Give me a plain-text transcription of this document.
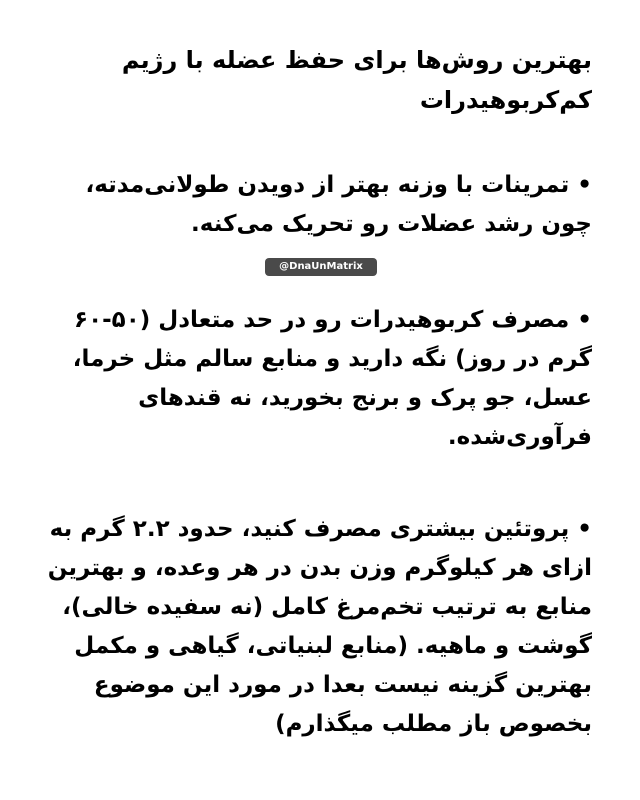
بهترین روش‌ها برای حفظ عضله با رژیم کم‌کربوهیدرات

• تمرینات با وزنه بهتر از دویدن طولانی‌مدته، چون رشد عضلات رو تحریک می‌کنه.

@DnaUnMatrix

• مصرف کربوهیدرات رو در حد متعادل (۵۰-۶۰ گرم در روز) نگه دارید و منابع سالم مثل خرما، عسل، جو پرک و برنج بخورید، نه قندهای فرآوری‌شده.

• پروتئین بیشتری مصرف کنید، حدود ۲.۲ گرم به ازای هر کیلوگرم وزن بدن در هر وعده، و بهترین منابع به ترتیب تخم‌مرغ کامل (نه سفیده خالی)، گوشت و ماهیه. (منابع لبنیاتی، گیاهی و مکمل بهترین گزینه نیست بعدا در مورد این موضوع بخصوص باز مطلب میگذارم)
